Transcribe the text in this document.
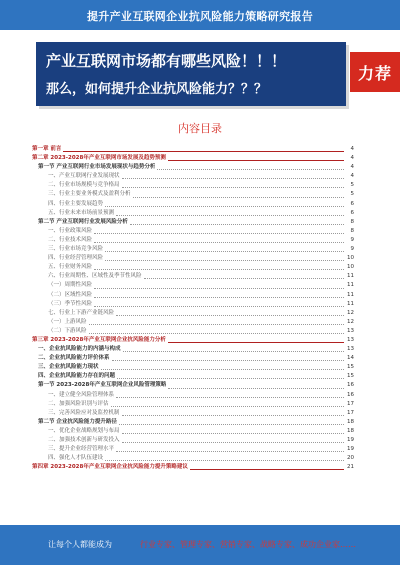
提升产业互联网企业抗风险能力策略研究报告
产业互联网市场都有哪些风险！！！
那么，如何提升企业抗风险能力？？？
力荐
内容目录
第一章 前言	4
第二章 2023-2028年产业互联网市场发展及趋势预测	4
第一节 产业互联网行业市场发展现状与趋势分析	4
一、产业互联网行业发展现状	4
二、行业市场规模与竞争格局	5
三、行业主要业务模式及盈利分析	5
四、行业主要发展趋势	6
五、行业未来市场前景预测	6
第二节 产业互联网行业发展风险分析	8
一、行业政策风险	8
二、行业技术风险	9
三、行业市场竞争风险	9
四、行业经营管理风险	10
五、行业财务风险	10
六、行业周期性、区域性及季节性风险	11
（一）周期性风险	11
（二）区域性风险	11
（三）季节性风险	11
七、行业上下游产业链风险	12
（一）上游风险	12
（二）下游风险	13
第三章 2023-2028年产业互联网企业抗风险能力分析	13
一、企业抗风险能力的内涵与构成	13
二、企业抗风险能力评价体系	14
三、企业抗风险能力现状	15
四、企业抗风险能力存在的问题	15
第一节 2023-2028年产业互联网企业风险管理策略	16
一、建立健全风险管理体系	16
二、加强风险识别与评估	17
三、完善风险应对及监控机制	17
第二节 企业抗风险能力提升路径	18
一、优化企业战略规划与布局	18
二、加强技术创新与研发投入	19
三、提升企业经营管理水平	19
四、强化人才队伍建设	20
第四章 2023-2028年产业互联网企业抗风险能力提升策略建议	21
让每个人都能成为	行业专家、管理专家、营销专家、战略专家、成功企业家……
